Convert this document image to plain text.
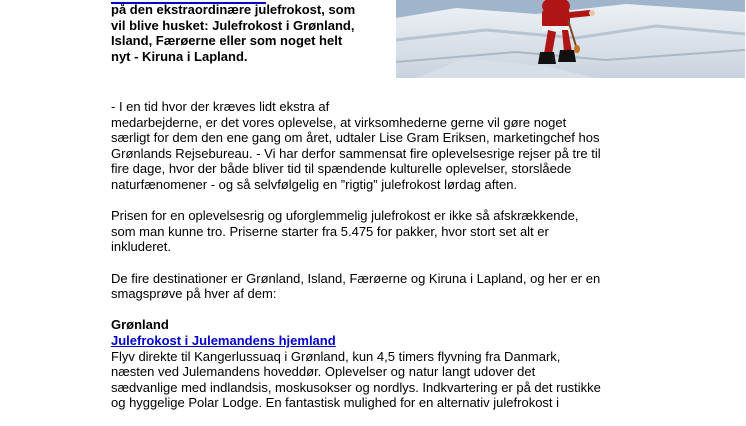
på den ekstraordinære julefrokost, som

vil blive husket: Julefrokost i Grønland,

Island, Færøerne eller som noget helt

nyt - Kiruna i Lapland.

- I en tid hvor der kræves lidt ekstra af
medarbejderne, er det vores oplevelse, at virksomhederne gerne vil gøre noget
særligt for dem den ene gang om året, udtaler Lise Gram Eriksen, marketingchef hos
Grønlands Rejsebureau. - Vi har derfor sammensat fire oplevelsesrige rejser på tre til
fire dage, hvor der både bliver tid til spændende kulturelle oplevelser, storslåede
naturfænomener - og så selvfølgelig en ”rigtig” julefrokost lørdag aften.

Prisen for en oplevelsesrig og uforglemmelig julefrokost er ikke så afskrækkende,
som man kunne tro. Priserne starter fra 5.475 for pakker, hvor stort set alt er
inkluderet.

De fire destinationer er Grønland, Island, Færøerne og Kiruna i Lapland, og her er en
smagsprøve på hver af dem:

Grønland
Julefrokost i Julemandens hjemland

Flyv direkte til Kangerlussuaq i Grønland, kun 4,5 timers flyvning fra Danmark,
næsten ved Julemandens hoveddør. Oplevelser og natur langt udover det
sædvanlige med indlandsis, moskusokser og nordlys. Indkvartering er på det rustikke
og hyggelige Polar Lodge. En fantastisk mulighed for en alternativ julefrokost i
